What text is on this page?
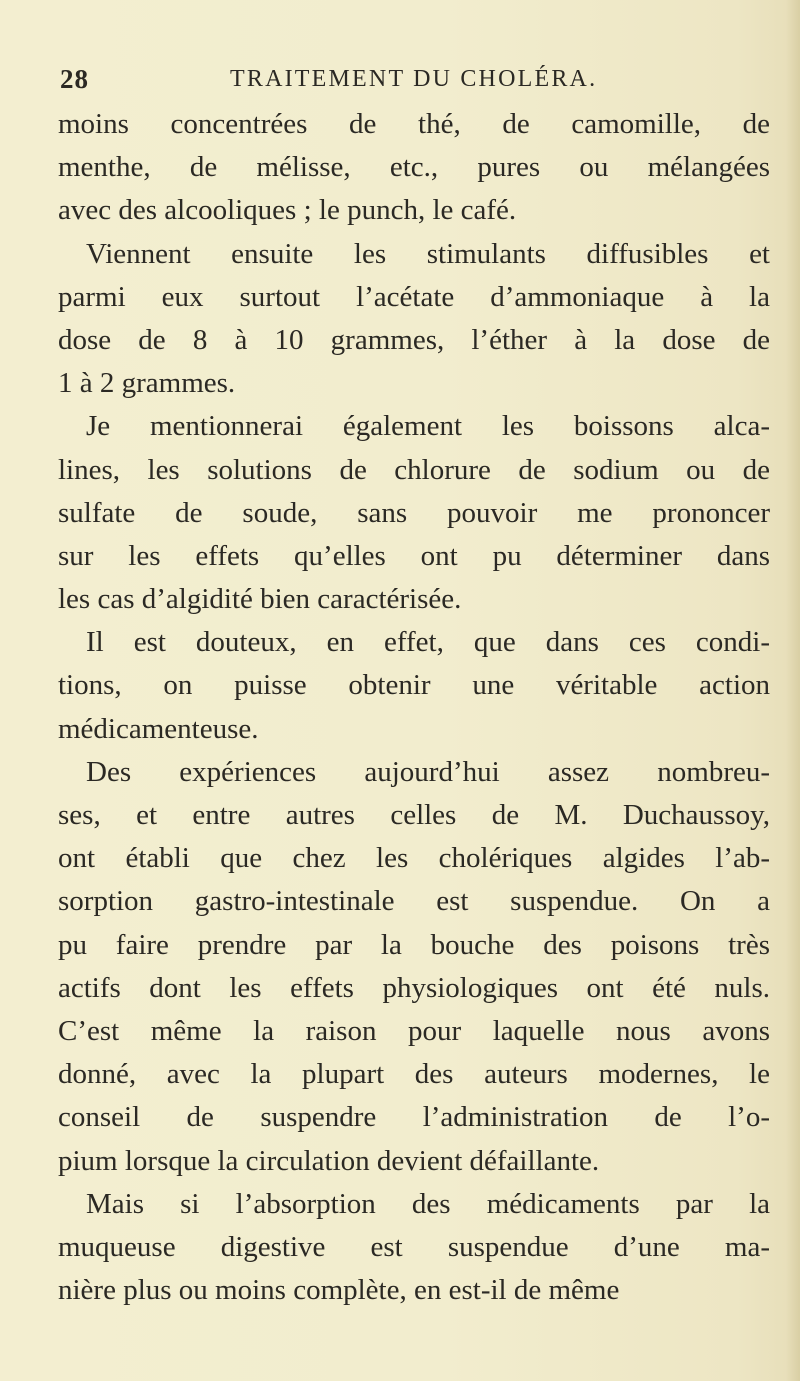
28	TRAITEMENT DU CHOLÉRA.
moins concentrées de thé, de camomille, de
menthe, de mélisse, etc., pures ou mélangées
avec des alcooliques ; le punch, le café.
Viennent ensuite les stimulants diffusibles et
parmi eux surtout l’acétate d’ammoniaque à la
dose de 8 à 10 grammes, l’éther à la dose de
1 à 2 grammes.
Je mentionnerai également les boissons alca-
lines, les solutions de chlorure de sodium ou de
sulfate de soude, sans pouvoir me prononcer
sur les effets qu’elles ont pu déterminer dans
les cas d’algidité bien caractérisée.
Il est douteux, en effet, que dans ces condi-
tions, on puisse obtenir une véritable action
médicamenteuse.
Des expériences aujourd’hui assez nombreu-
ses, et entre autres celles de M. Duchaussoy,
ont établi que chez les cholériques algides l’ab-
sorption gastro-intestinale est suspendue. On a
pu faire prendre par la bouche des poisons très
actifs dont les effets physiologiques ont été nuls.
C’est même la raison pour laquelle nous avons
donné, avec la plupart des auteurs modernes, le
conseil de suspendre l’administration de l’o-
pium lorsque la circulation devient défaillante.
Mais si l’absorption des médicaments par la
muqueuse digestive est suspendue d’une ma-
nière plus ou moins complète, en est-il de même
